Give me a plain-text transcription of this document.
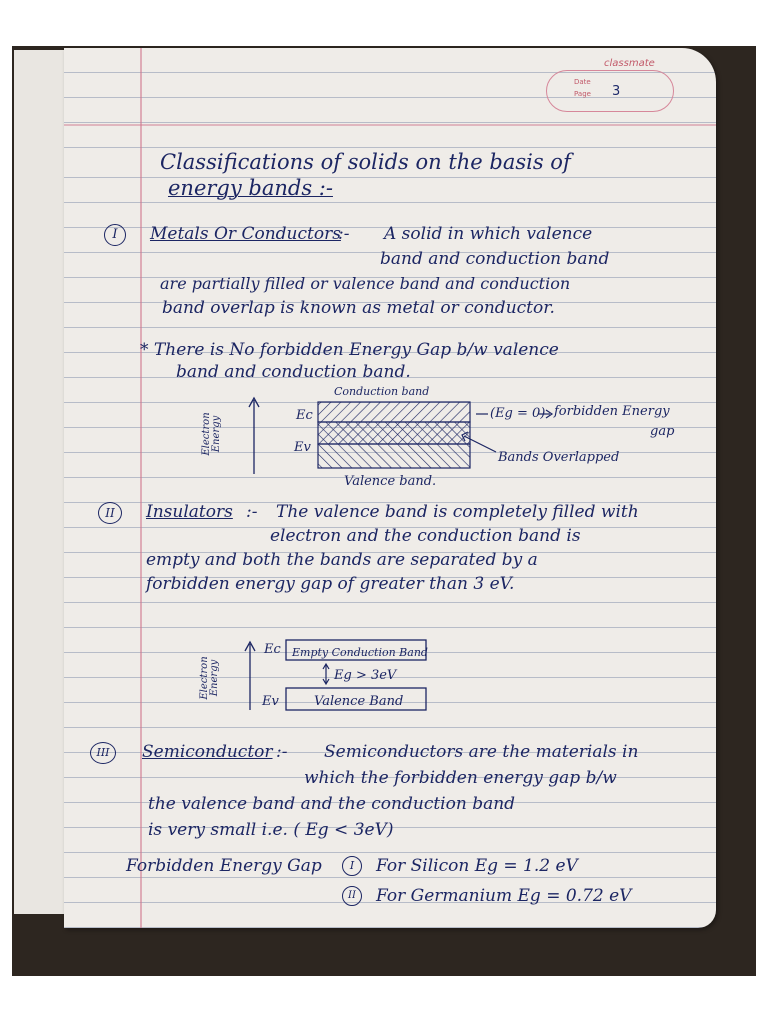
classmate
Date
Page 3
Classifications of solids on the basis of
energy bands :-
I	Metals Or Conductors
:- A solid in which valence
band and conduction band
are partially filled or valence band and conduction
band overlap is known as metal or conductor.
* There is No forbidden Energy Gap b/w valence
band and conduction band.
Conduction band
Ec
Ev
Electron Energy
(Eg = 0) forbidden Energy
gap
Bands Overlapped
Valence band.
II	Insulators :- The valence band is completely filled with
electron and the conduction band is
empty and both the bands are separated by a
forbidden energy gap of greater than 3 eV.
Ec
Ev
Electron Energy
Empty Conduction Band
Eg > 3eV
Valence Band
III	Semiconductor :- Semiconductors are the materials in
which the forbidden energy gap b/w
the valence band and the conduction band
is very small i.e. ( Eg < 3eV)
Forbidden Energy Gap	I	For Silicon Eg = 1.2 eV
II	For Germanium Eg = 0.72 eV
